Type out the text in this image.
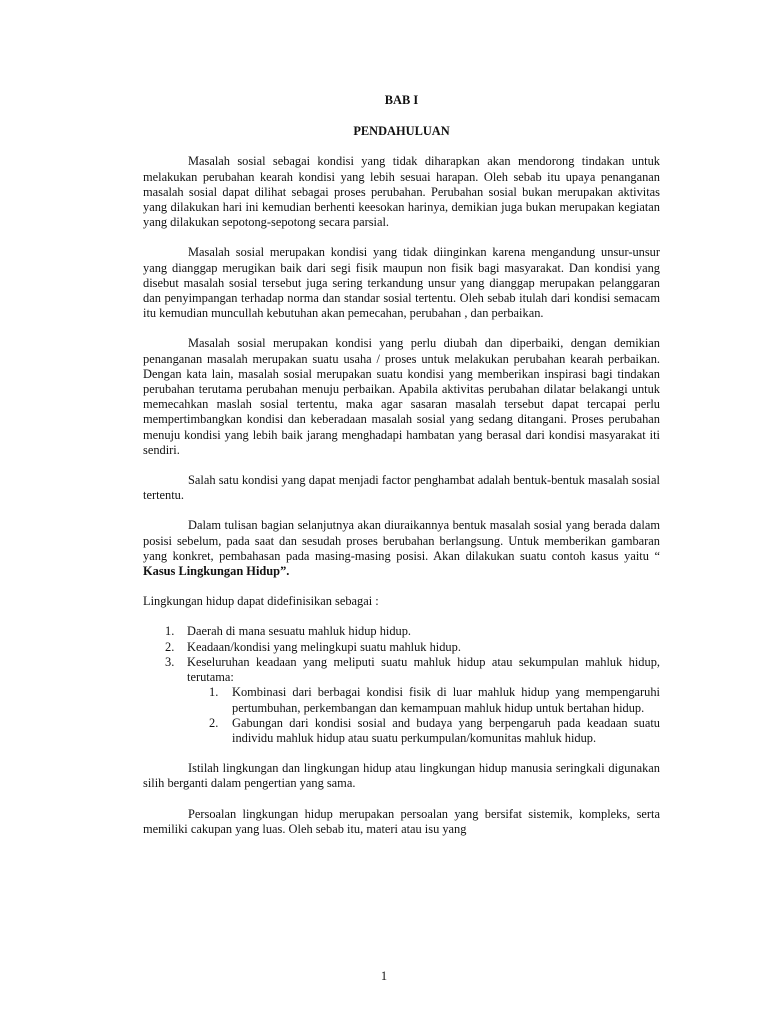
BAB I
PENDAHULUAN

Masalah sosial sebagai kondisi yang tidak diharapkan akan mendorong tindakan untuk melakukan perubahan kearah kondisi yang lebih sesuai harapan. Oleh sebab itu upaya penanganan masalah sosial dapat dilihat sebagai proses perubahan. Perubahan sosial bukan merupakan aktivitas yang dilakukan hari ini kemudian berhenti keesokan harinya, demikian juga bukan merupakan kegiatan yang dilakukan sepotong-sepotong secara parsial.

Masalah sosial merupakan kondisi yang tidak diinginkan karena mengandung unsur-unsur yang dianggap merugikan baik dari segi fisik maupun non fisik bagi masyarakat. Dan kondisi yang disebut masalah sosial tersebut juga sering terkandung unsur yang dianggap merupakan pelanggaran dan penyimpangan terhadap norma dan standar sosial tertentu. Oleh sebab itulah dari kondisi semacam itu kemudian muncullah kebutuhan akan pemecahan, perubahan , dan perbaikan.

Masalah sosial merupakan kondisi yang perlu diubah dan diperbaiki, dengan demikian penanganan masalah merupakan suatu usaha / proses untuk melakukan perubahan kearah perbaikan. Dengan kata lain, masalah sosial merupakan suatu kondisi yang memberikan inspirasi bagi tindakan perubahan terutama perubahan menuju perbaikan. Apabila aktivitas perubahan dilatar belakangi untuk memecahkan maslah sosial tertentu, maka agar sasaran masalah tersebut dapat tercapai perlu mempertimbangkan kondisi dan keberadaan masalah sosial yang sedang ditangani. Proses perubahan menuju kondisi yang lebih baik jarang menghadapi hambatan yang berasal dari kondisi masyarakat iti sendiri.

Salah satu kondisi yang dapat menjadi factor penghambat adalah bentuk-bentuk masalah sosial tertentu.

Dalam tulisan bagian selanjutnya akan diuraikannya bentuk masalah sosial yang berada dalam posisi sebelum, pada saat dan sesudah proses berubahan berlangsung. Untuk memberikan gambaran yang konkret, pembahasan pada masing-masing posisi. Akan dilakukan suatu contoh kasus yaitu “ Kasus Lingkungan Hidup”.

Lingkungan hidup dapat didefinisikan sebagai :

1. Daerah di mana sesuatu mahluk hidup hidup.
2. Keadaan/kondisi yang melingkupi suatu mahluk hidup.
3. Keseluruhan keadaan yang meliputi suatu mahluk hidup atau sekumpulan mahluk hidup, terutama:
1. Kombinasi dari berbagai kondisi fisik di luar mahluk hidup yang mempengaruhi pertumbuhan, perkembangan dan kemampuan mahluk hidup untuk bertahan hidup.
2. Gabungan dari kondisi sosial and budaya yang berpengaruh pada keadaan suatu individu mahluk hidup atau suatu perkumpulan/komunitas mahluk hidup.

Istilah lingkungan dan lingkungan hidup atau lingkungan hidup manusia seringkali digunakan silih berganti dalam pengertian yang sama.

Persoalan lingkungan hidup merupakan persoalan yang bersifat sistemik, kompleks, serta memiliki cakupan yang luas. Oleh sebab itu, materi atau isu yang

1
